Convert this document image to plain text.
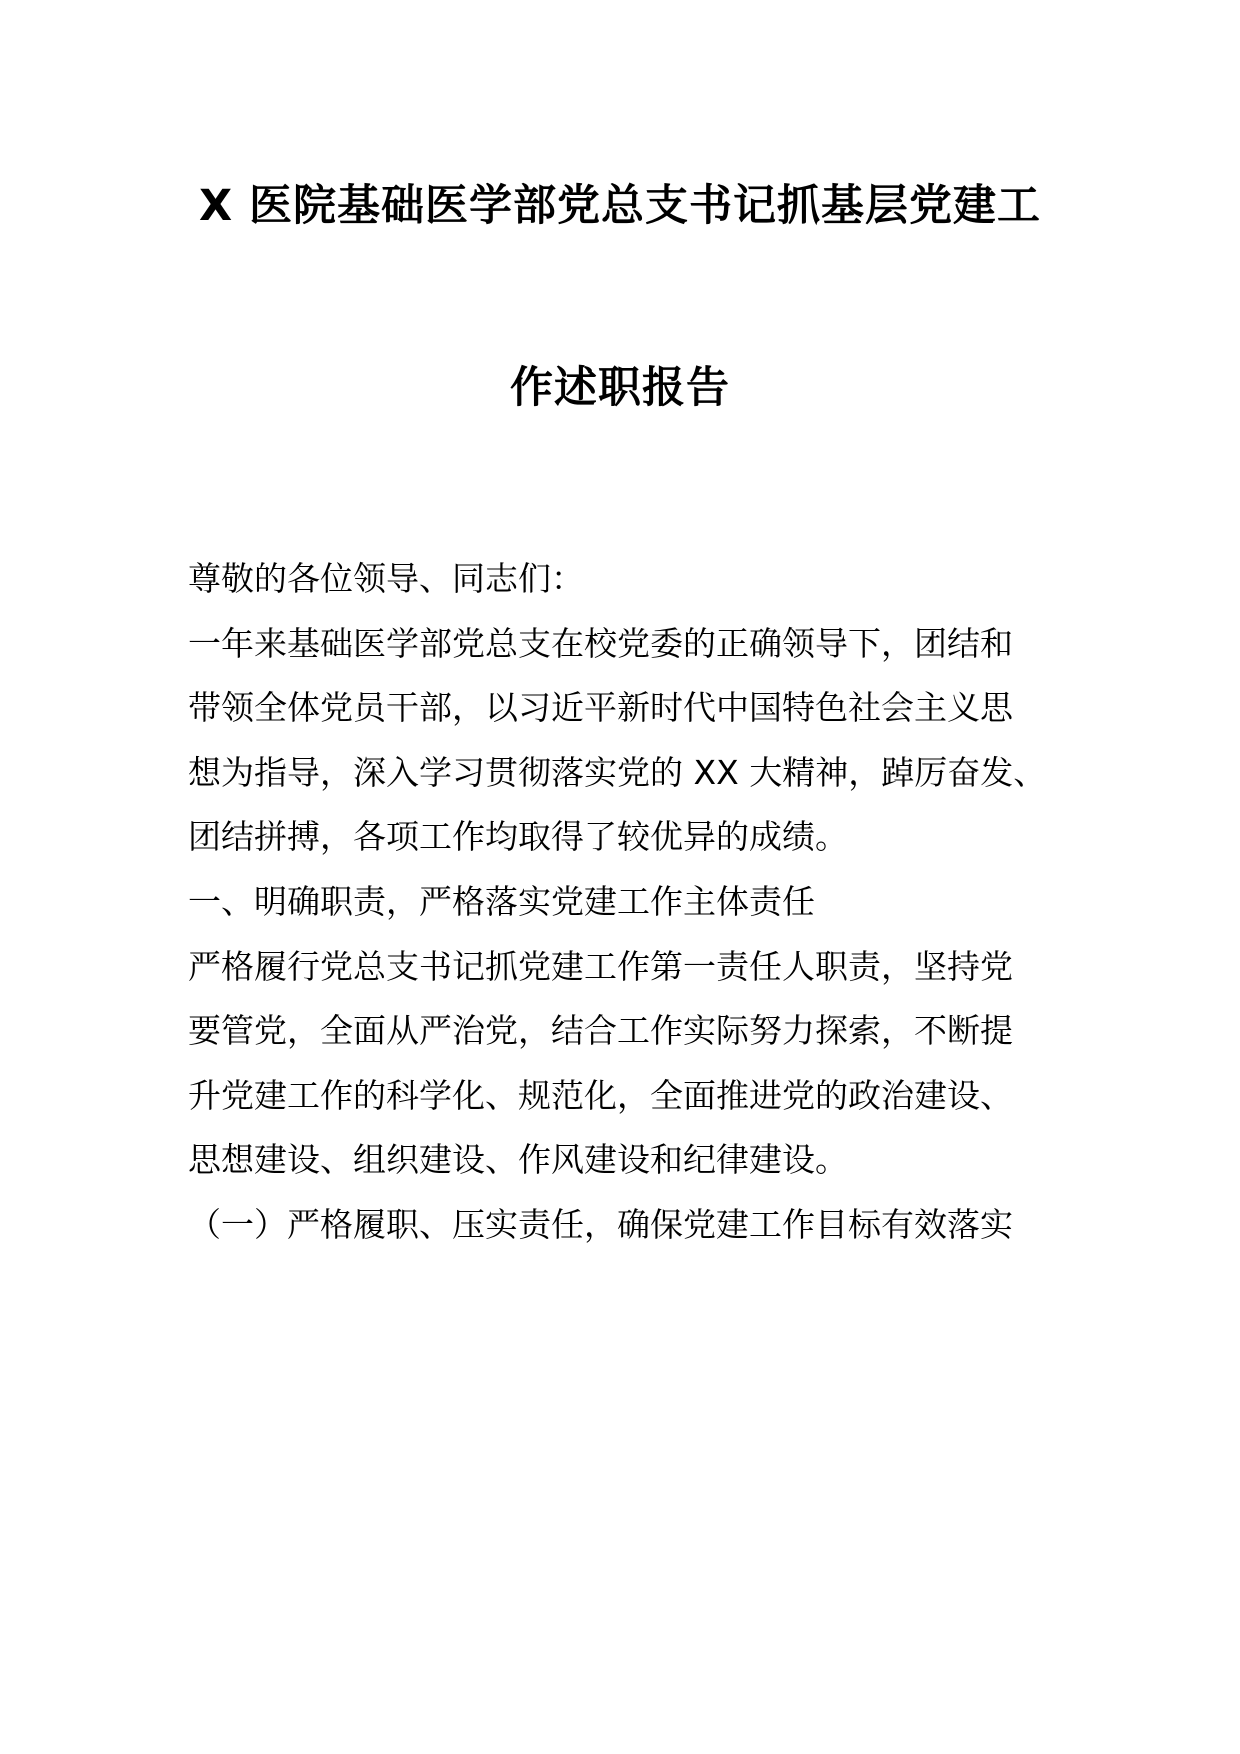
X 医院基础医学部党总支书记抓基层党建工
作述职报告
尊敬的各位领导、同志们：
一年来基础医学部党总支在校党委的正确领导下，团结和
带领全体党员干部，以习近平新时代中国特色社会主义思
想为指导，深入学习贯彻落实党的 XX 大精神，踔厉奋发、
团结拼搏，各项工作均取得了较优异的成绩。
一、明确职责，严格落实党建工作主体责任
严格履行党总支书记抓党建工作第一责任人职责，坚持党
要管党，全面从严治党，结合工作实际努力探索，不断提
升党建工作的科学化、规范化，全面推进党的政治建设、
思想建设、组织建设、作风建设和纪律建设。
（一）严格履职、压实责任，确保党建工作目标有效落实
